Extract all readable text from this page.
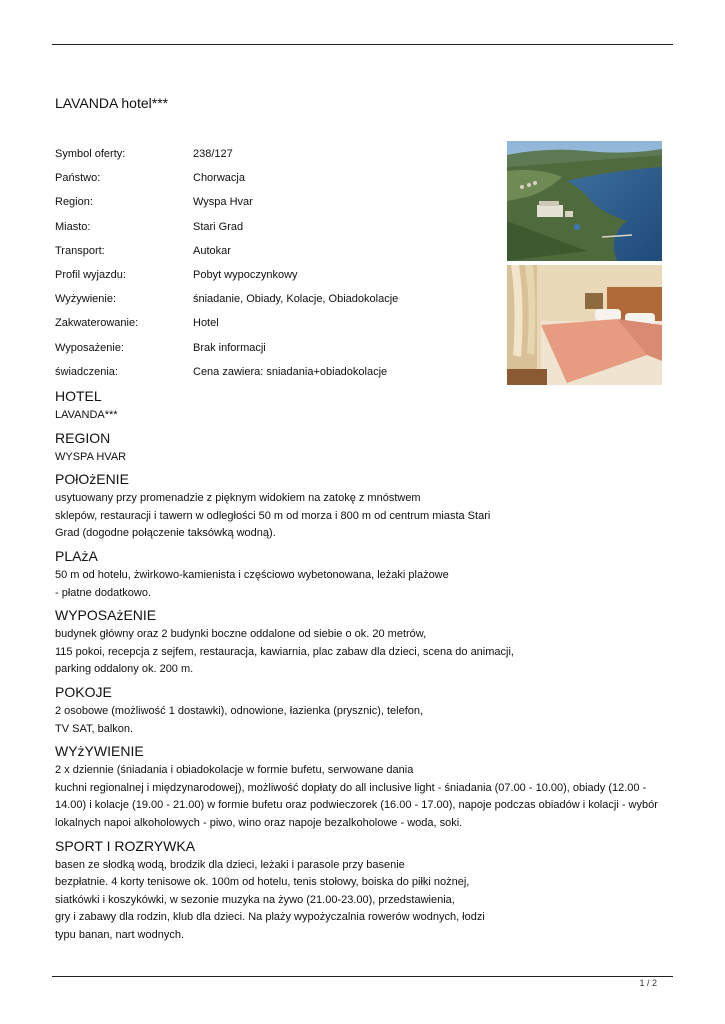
LAVANDA hotel***
Symbol oferty:	238/127
Państwo:	Chorwacja
Region:	Wyspa Hvar
Miasto:	Stari Grad
Transport:	Autokar
Profil wyjazdu:	Pobyt wypoczynkowy
Wyżywienie:	śniadanie, Obiady, Kolacje, Obiadokolacje
Zakwaterowanie:	Hotel
Wyposażenie:	Brak informacji
świadczenia:	Cena zawiera: sniadania+obiadokolacje
HOTEL

LAVANDA***

REGION

WYSPA HVAR

POłOżENIE

usytuowany przy promenadzie z pięknym widokiem na zatokę z mnóstwem

sklepów, restauracji i tawern w odległości 50 m od morza i 800 m od centrum miasta Stari

Grad (dogodne połączenie taksówką wodną).

PLAżA

50 m od hotelu, żwirkowo-kamienista i częściowo wybetonowana, leżaki plażowe

- płatne dodatkowo.

WYPOSAżENIE

budynek główny oraz 2 budynki boczne oddalone od siebie o ok. 20 metrów,

115 pokoi, recepcja z sejfem, restauracja, kawiarnia, plac zabaw dla dzieci, scena do animacji,

parking oddalony ok. 200 m.

POKOJE

2 osobowe (możliwość 1 dostawki), odnowione, łazienka (prysznic), telefon,

TV SAT, balkon.

WYżYWIENIE

2 x dziennie (śniadania i obiadokolacje w formie bufetu, serwowane dania

kuchni regionalnej i międzynarodowej), możliwość dopłaty do all inclusive light - śniadania (07.00 - 10.00), obiady (12.00 -

14.00) i kolacje (19.00 - 21.00) w formie bufetu oraz podwieczorek (16.00 - 17.00), napoje podczas obiadów i kolacji - wybór

lokalnych napoi alkoholowych - piwo, wino oraz napoje bezalkoholowe - woda, soki.

SPORT I ROZRYWKA

basen ze słodką wodą, brodzik dla dzieci, leżaki i parasole przy basenie

bezpłatnie. 4 korty tenisowe ok. 100m od hotelu, tenis stołowy, boiska do piłki nożnej,

siatkówki i koszykówki, w sezonie muzyka na żywo (21.00-23.00), przedstawienia,

gry i zabawy dla rodzin, klub dla dzieci. Na plaży wypożyczalnia rowerów wodnych, łodzi

typu banan, nart wodnych.

1 / 2
